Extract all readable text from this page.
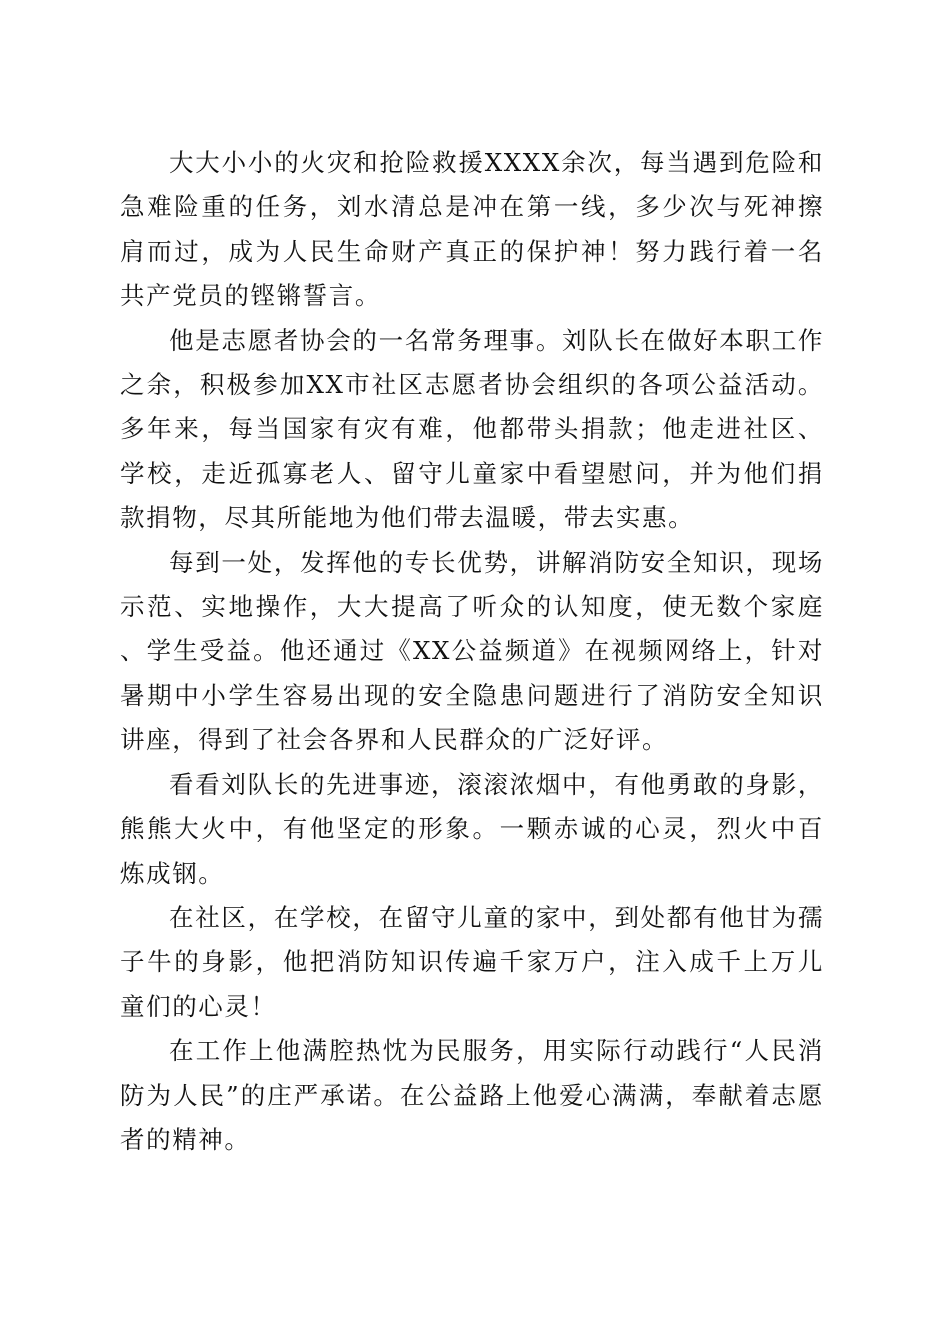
大大小小的火灾和抢险救援XXXX余次，每当遇到危险和急难险重的任务，刘水清总是冲在第一线，多少次与死神擦肩而过，成为人民生命财产真正的保护神！努力践行着一名共产党员的铿锵誓言。

他是志愿者协会的一名常务理事。刘队长在做好本职工作之余，积极参加XX市社区志愿者协会组织的各项公益活动。多年来，每当国家有灾有难，他都带头捐款；他走进社区、学校，走近孤寡老人、留守儿童家中看望慰问，并为他们捐款捐物，尽其所能地为他们带去温暖，带去实惠。

每到一处，发挥他的专长优势，讲解消防安全知识，现场示范、实地操作，大大提高了听众的认知度，使无数个家庭、学生受益。他还通过《XX公益频道》在视频网络上，针对暑期中小学生容易出现的安全隐患问题进行了消防安全知识讲座，得到了社会各界和人民群众的广泛好评。

看看刘队长的先进事迹，滚滚浓烟中，有他勇敢的身影，熊熊大火中，有他坚定的形象。一颗赤诚的心灵，烈火中百炼成钢。

在社区，在学校，在留守儿童的家中，到处都有他甘为孺子牛的身影，他把消防知识传遍千家万户，注入成千上万儿童们的心灵！

在工作上他满腔热忱为民服务，用实际行动践行“人民消防为人民”的庄严承诺。在公益路上他爱心满满，奉献着志愿者的精神。
